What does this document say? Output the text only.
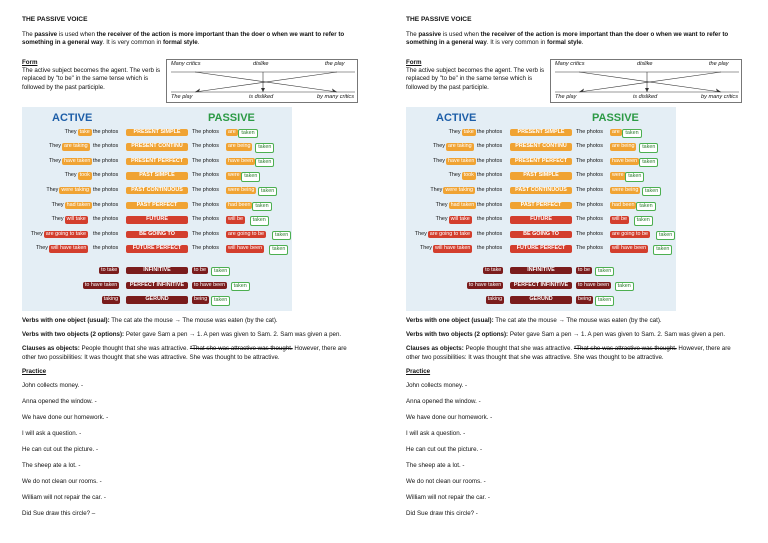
THE PASSIVE VOICE
The passive is used when the receiver of the action is more important than the doer o when we want to refer to something in a general way. It is very common in formal style.
Form
The active subject becomes the agent. The verb is replaced by "to be" in the same tense which is followed by the past participle.
Many critics	dislike	the play
The play	is disliked	by many critics
ACTIVE	PASSIVE
They take the photos	PRESENT SIMPLE	The photos	are	taken
They are taking the photos	PRESENT CONTINU	The photos	are being	taken
They have taken the photos	PRESENT PERFECT	The photos	have been taken
They took the photos	PAST SIMPLE	The photos	were taken
They were taking the photos	PAST CONTINUOUS	The photos	were being	taken
They had taken the photos	PAST PERFECT	The photos	had been taken
They will take	the photos	FUTURE	The photos	will be	taken
They are going to take	the photos	BE GOING TO	The photos	are going to be	taken
They will have taken	the photos	FUTURE PERFECT	The photos	will have been	taken
to take	INFINITIVE	to be	taken
to have taken	PERFECT INFINITIVE	to have been	taken
taking	GERUND	being	taken

Verbs with one object (usual): The cat ate the mouse → The mouse was eaten (by the cat).

Verbs with two objects (2 options): Peter gave Sam a pen → 1. A pen was given to Sam. 2. Sam was given a pen.

Clauses as objects: People thought that she was attractive. *That she was attractive was thought. However, there are other two possibilities: It was thought that she was attractive. She was thought to be attractive.

Practice
John collects money. -
Anna opened the window. -
We have done our homework. -
I will ask a question. -
He can cut out the picture. -
The sheep ate a lot. -
We do not clean our rooms. -
William will not repair the car. -
Did Sue draw this circle? –
THE PASSIVE VOICE
The passive is used when the receiver of the action is more important than the doer o when we want to refer to something in a general way. It is very common in formal style.
Form
The active subject becomes the agent. The verb is replaced by "to be" in the same tense which is followed by the past participle.
Many critics	dislike	the play
The play	is disliked	by many critics
ACTIVE	PASSIVE
They take the photos	PRESENT SIMPLE	The photos	are	taken
They are taking the photos	PRESENT CONTINU	The photos	are being	taken
They have taken the photos	PRESENT PERFECT	The photos	have been taken
They took the photos	PAST SIMPLE	The photos	were taken
They were taking the photos	PAST CONTINUOUS	The photos	were being	taken
They had taken the photos	PAST PERFECT	The photos	had been taken
They will take	the photos	FUTURE	The photos	will be	taken
They are going to take	the photos	BE GOING TO	The photos	are going to be	taken
They will have taken	the photos	FUTURE PERFECT	The photos	will have been	taken
to take	INFINITIVE	to be	taken
to have taken	PERFECT INFINITIVE	to have been	taken
taking	GERUND	being	taken

Verbs with one object (usual): The cat ate the mouse → The mouse was eaten (by the cat).

Verbs with two objects (2 options): Peter gave Sam a pen → 1. A pen was given to Sam. 2. Sam was given a pen.

Clauses as objects: People thought that she was attractive. *That she was attractive was thought. However, there are other two possibilities: It was thought that she was attractive. She was thought to be attractive.

Practice
John collects money. -
Anna opened the window. -
We have done our homework. -
I will ask a question. -
He can cut out the picture. -
The sheep ate a lot. -
We do not clean our rooms. -
William will not repair the car. -
Did Sue draw this circle? -
